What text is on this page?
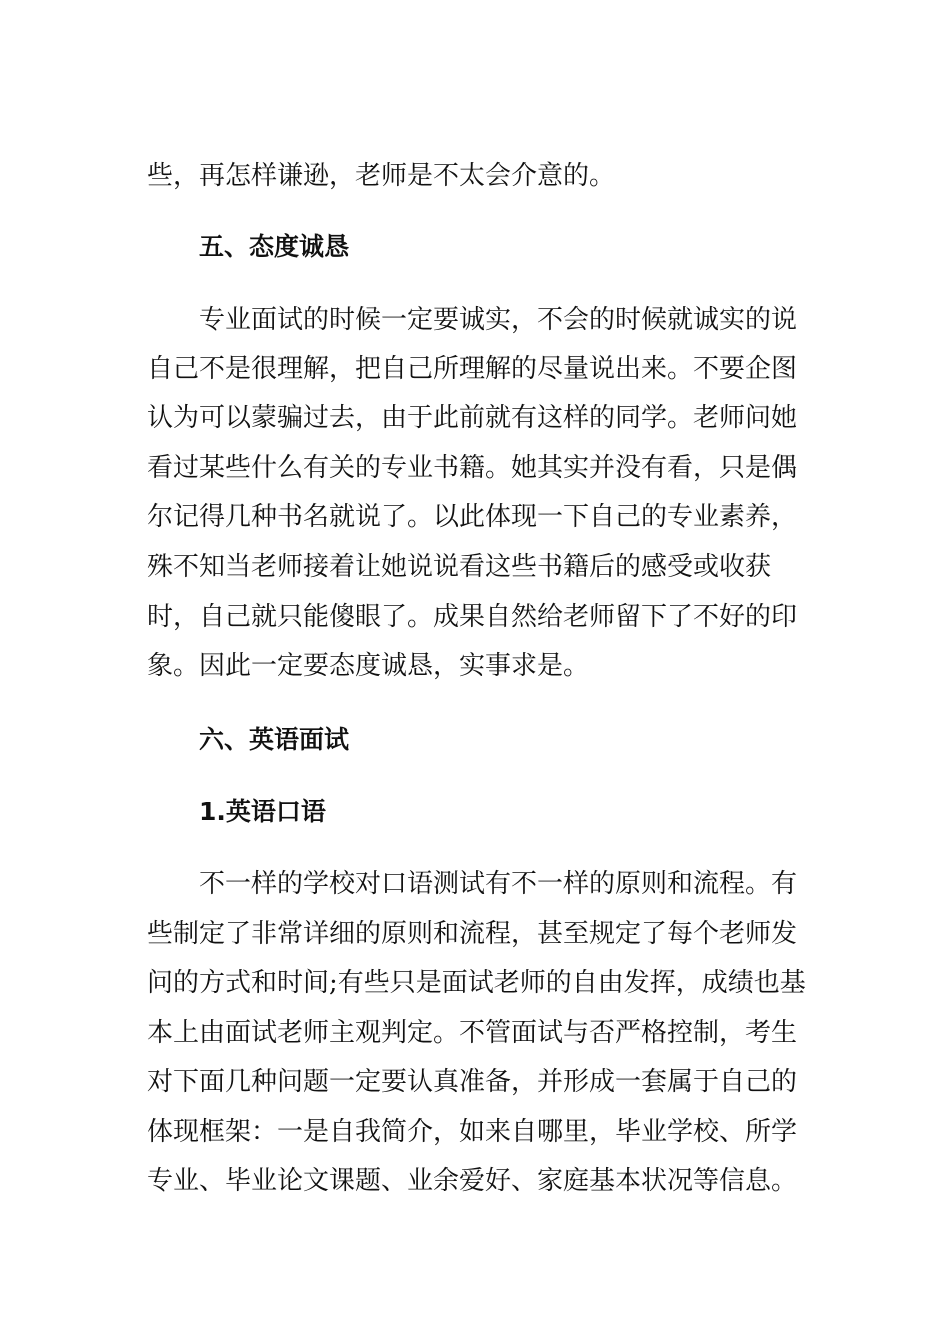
些，再怎样谦逊，老师是不太会介意的。
五、态度诚恳
专业面试的时候一定要诚实，不会的时候就诚实的说
自己不是很理解，把自己所理解的尽量说出来。不要企图
认为可以蒙骗过去，由于此前就有这样的同学。老师问她
看过某些什么有关的专业书籍。她其实并没有看，只是偶
尔记得几种书名就说了。以此体现一下自己的专业素养，
殊不知当老师接着让她说说看这些书籍后的感受或收获
时，自己就只能傻眼了。成果自然给老师留下了不好的印
象。因此一定要态度诚恳，实事求是。
六、英语面试
1.英语口语
不一样的学校对口语测试有不一样的原则和流程。有
些制定了非常详细的原则和流程，甚至规定了每个老师发
问的方式和时间;有些只是面试老师的自由发挥，成绩也基
本上由面试老师主观判定。不管面试与否严格控制，考生
对下面几种问题一定要认真准备，并形成一套属于自己的
体现框架：一是自我简介，如来自哪里，毕业学校、所学
专业、毕业论文课题、业余爱好、家庭基本状况等信息。
